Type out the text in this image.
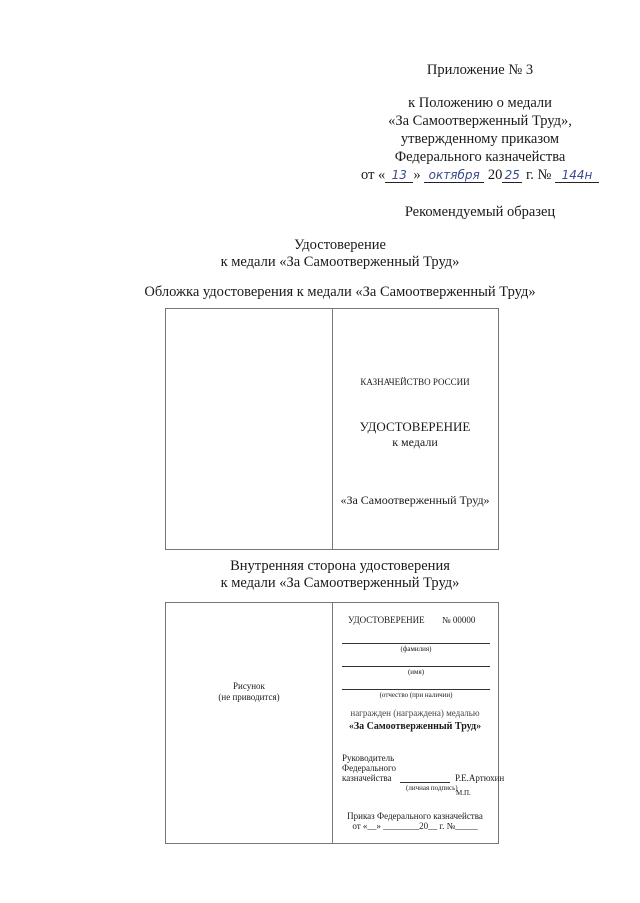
Приложение № 3
к Положению о медали
«За Самоотверженный Труд»,
утвержденному приказом
Федерального казначейства
от « 13 » октября 20 25 г. № 144н
Рекомендуемый образец
Удостоверение
к медали «За Самоотверженный Труд»
Обложка удостоверения к медали «За Самоотверженный Труд»
КАЗНАЧЕЙСТВО РОССИИ
УДОСТОВЕРЕНИЕ
к медали
«За Самоотверженный Труд»
Внутренняя сторона удостоверения
к медали «За Самоотверженный Труд»
Рисунок
(не приводится)
УДОСТОВЕРЕНИЕ № 00000
(фамилия)
(имя)
(отчество (при наличии)
награжден (награждена) медалью
«За Самоотверженный Труд»
Руководитель
Федерального
казначейства	Р.Е.Артюхин
(личная подпись)
М.П.
Приказ Федерального казначейства
от «__» ________20__ г. №_____
